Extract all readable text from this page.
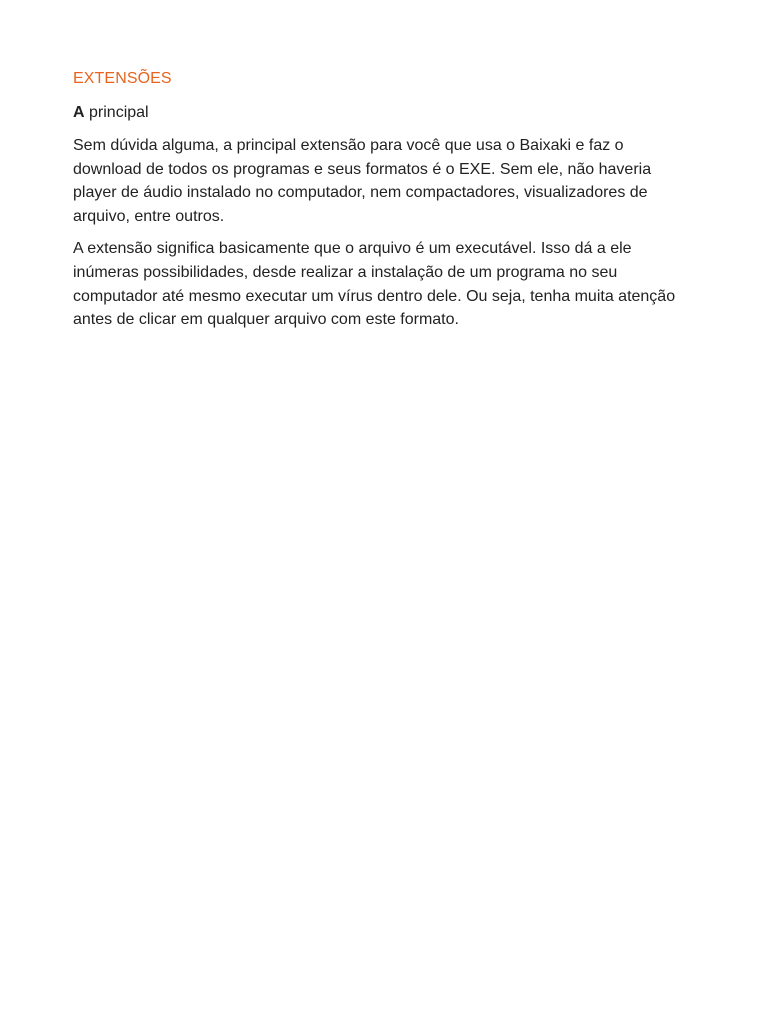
EXTENSÕES

A principal

Sem dúvida alguma, a principal extensão para você que usa o Baixaki e faz o download de todos os programas e seus formatos é o EXE. Sem ele, não haveria player de áudio instalado no computador, nem compactadores, visualizadores de arquivo, entre outros.

A extensão significa basicamente que o arquivo é um executável. Isso dá a ele inúmeras possibilidades, desde realizar a instalação de um programa no seu computador até mesmo executar um vírus dentro dele. Ou seja, tenha muita atenção antes de clicar em qualquer arquivo com este formato.
